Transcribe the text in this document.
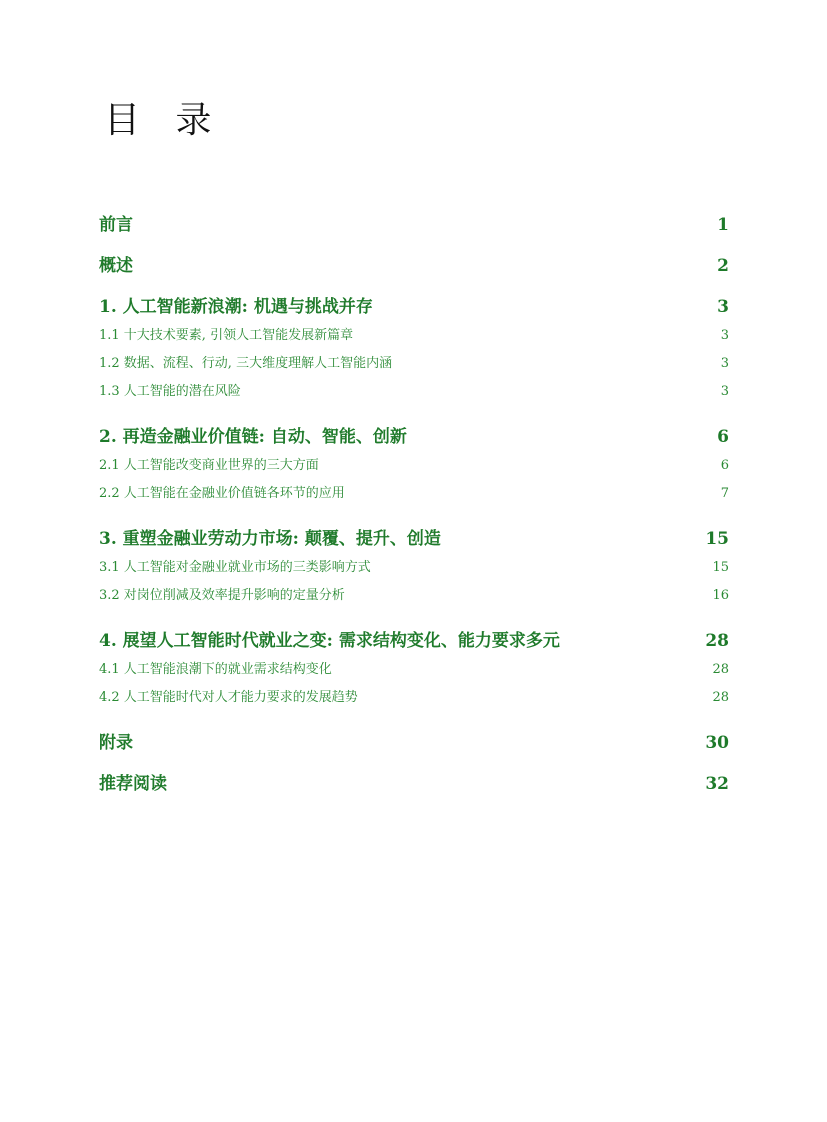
目 录
前言	1
概述	2
1. 人工智能新浪潮: 机遇与挑战并存	3
1.1 十大技术要素, 引领人工智能发展新篇章	3
1.2 数据、流程、行动, 三大维度理解人工智能内涵	3
1.3 人工智能的潜在风险	3
2. 再造金融业价值链: 自动、智能、创新	6
2.1 人工智能改变商业世界的三大方面	6
2.2 人工智能在金融业价值链各环节的应用	7
3. 重塑金融业劳动力市场: 颠覆、提升、创造	15
3.1 人工智能对金融业就业市场的三类影响方式	15
3.2 对岗位削减及效率提升影响的定量分析	16
4. 展望人工智能时代就业之变: 需求结构变化、能力要求多元	28
4.1 人工智能浪潮下的就业需求结构变化	28
4.2 人工智能时代对人才能力要求的发展趋势	28
附录	30
推荐阅读	32
